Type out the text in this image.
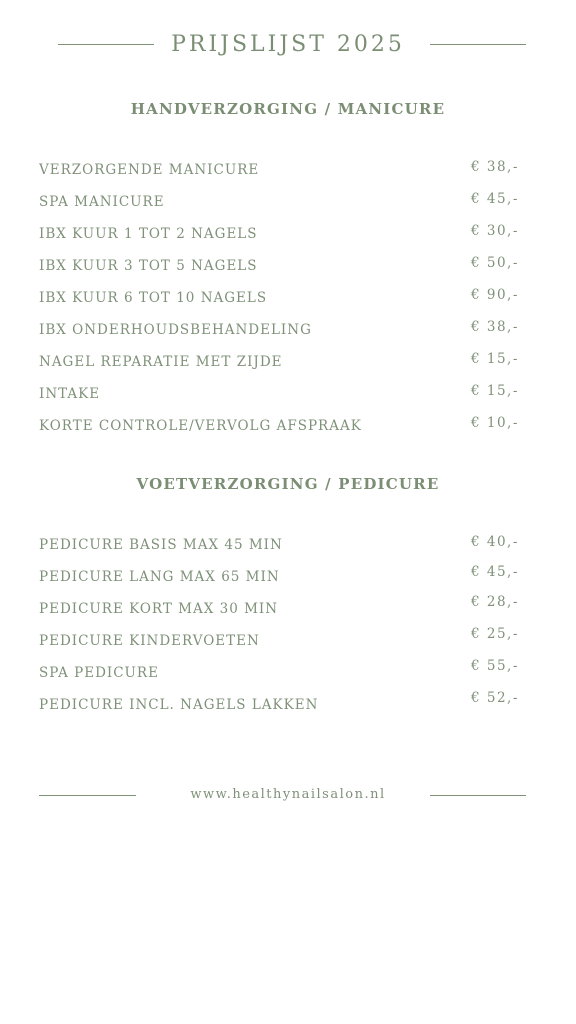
PRIJSLIJST 2025
HANDVERZORGING / MANICURE
VERZORGENDE MANICURE	€ 38,-
SPA MANICURE	€ 45,-
IBX KUUR 1 TOT 2 NAGELS	€ 30,-
IBX KUUR 3 TOT 5 NAGELS	€ 50,-
IBX KUUR 6 TOT 10 NAGELS	€ 90,-
IBX ONDERHOUDSBEHANDELING	€ 38,-
NAGEL REPARATIE MET ZIJDE	€ 15,-
INTAKE	€ 15,-
KORTE CONTROLE/VERVOLG AFSPRAAK	€ 10,-
VOETVERZORGING / PEDICURE
PEDICURE BASIS MAX 45 MIN	€ 40,-
PEDICURE LANG MAX 65 MIN	€ 45,-
PEDICURE KORT MAX 30 MIN	€ 28,-
PEDICURE KINDERVOETEN	€ 25,-
SPA PEDICURE	€ 55,-
PEDICURE INCL. NAGELS LAKKEN	€ 52,-
www.healthynailsalon.nl
